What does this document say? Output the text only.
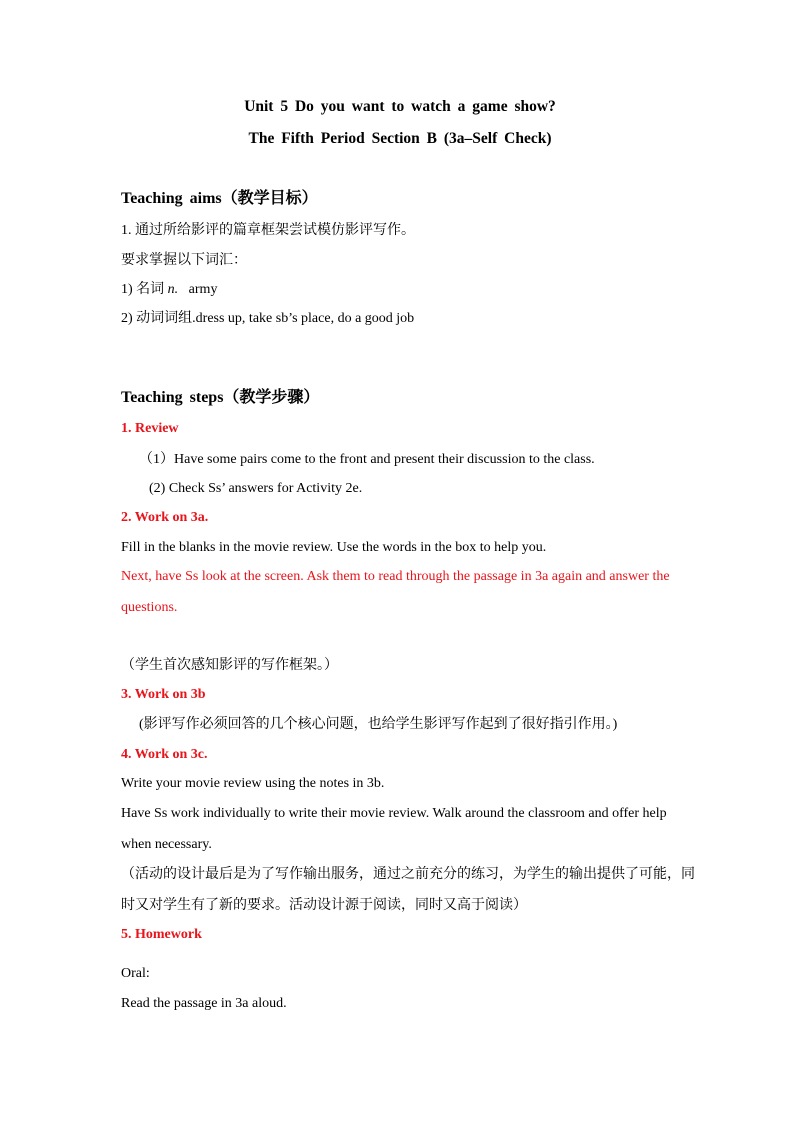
Unit 5 Do you want to watch a game show?
The Fifth Period Section B (3a–Self Check)
Teaching aims（教学目标）
1. 通过所给影评的篇章框架尝试模仿影评写作。
要求掌握以下词汇：
1) 名词 n. army
2) 动词词组.dress up, take sb’s place, do a good job
Teaching steps（教学步骤）
1. Review
（1）Have some pairs come to the front and present their discussion to the class.
(2) Check Ss’ answers for Activity 2e.
2. Work on 3a.
Fill in the blanks in the movie review. Use the words in the box to help you.
Next, have Ss look at the screen. Ask them to read through the passage in 3a again and answer the
questions.
（学生首次感知影评的写作框架。）
3. Work on 3b
(影评写作必须回答的几个核心问题，也给学生影评写作起到了很好指引作用。)
4. Work on 3c.
Write your movie review using the notes in 3b.
Have Ss work individually to write their movie review. Walk around the classroom and offer help
when necessary.
（活动的设计最后是为了写作输出服务，通过之前充分的练习，为学生的输出提供了可能，同
时又对学生有了新的要求。活动设计源于阅读，同时又高于阅读）
5. Homework
Oral:
Read the passage in 3a aloud.
